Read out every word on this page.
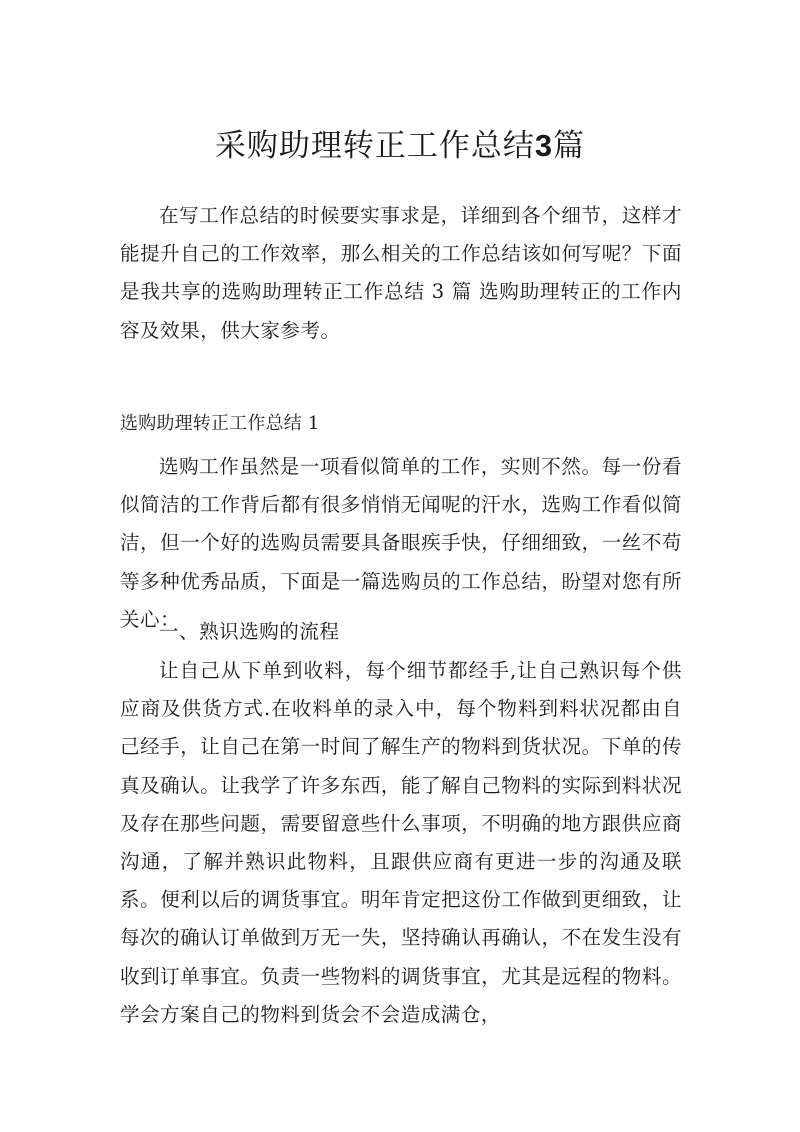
采购助理转正工作总结3篇

在写工作总结的时候要实事求是，详细到各个细节，这样才能提升自己的工作效率，那么相关的工作总结该如何写呢？下面是我共享的选购助理转正工作总结 3 篇 选购助理转正的工作内容及效果，供大家参考。

选购助理转正工作总结 1

选购工作虽然是一项看似简单的工作，实则不然。每一份看似简洁的工作背后都有很多悄悄无闻呢的汗水，选购工作看似简洁，但一个好的选购员需要具备眼疾手快，仔细细致，一丝不苟等多种优秀品质，下面是一篇选购员的工作总结，盼望对您有所关心：

一、熟识选购的流程

让自己从下单到收料，每个细节都经手,让自己熟识每个供应商及供货方式.在收料单的录入中，每个物料到料状况都由自己经手，让自己在第一时间了解生产的物料到货状况。下单的传真及确认。让我学了许多东西，能了解自己物料的实际到料状况及存在那些问题，需要留意些什么事项，不明确的地方跟供应商沟通，了解并熟识此物料，且跟供应商有更进一步的沟通及联系。便利以后的调货事宜。明年肯定把这份工作做到更细致，让每次的确认订单做到万无一失，坚持确认再确认，不在发生没有收到订单事宜。负责一些物料的调货事宜，尤其是远程的物料。学会方案自己的物料到货会不会造成满仓，
